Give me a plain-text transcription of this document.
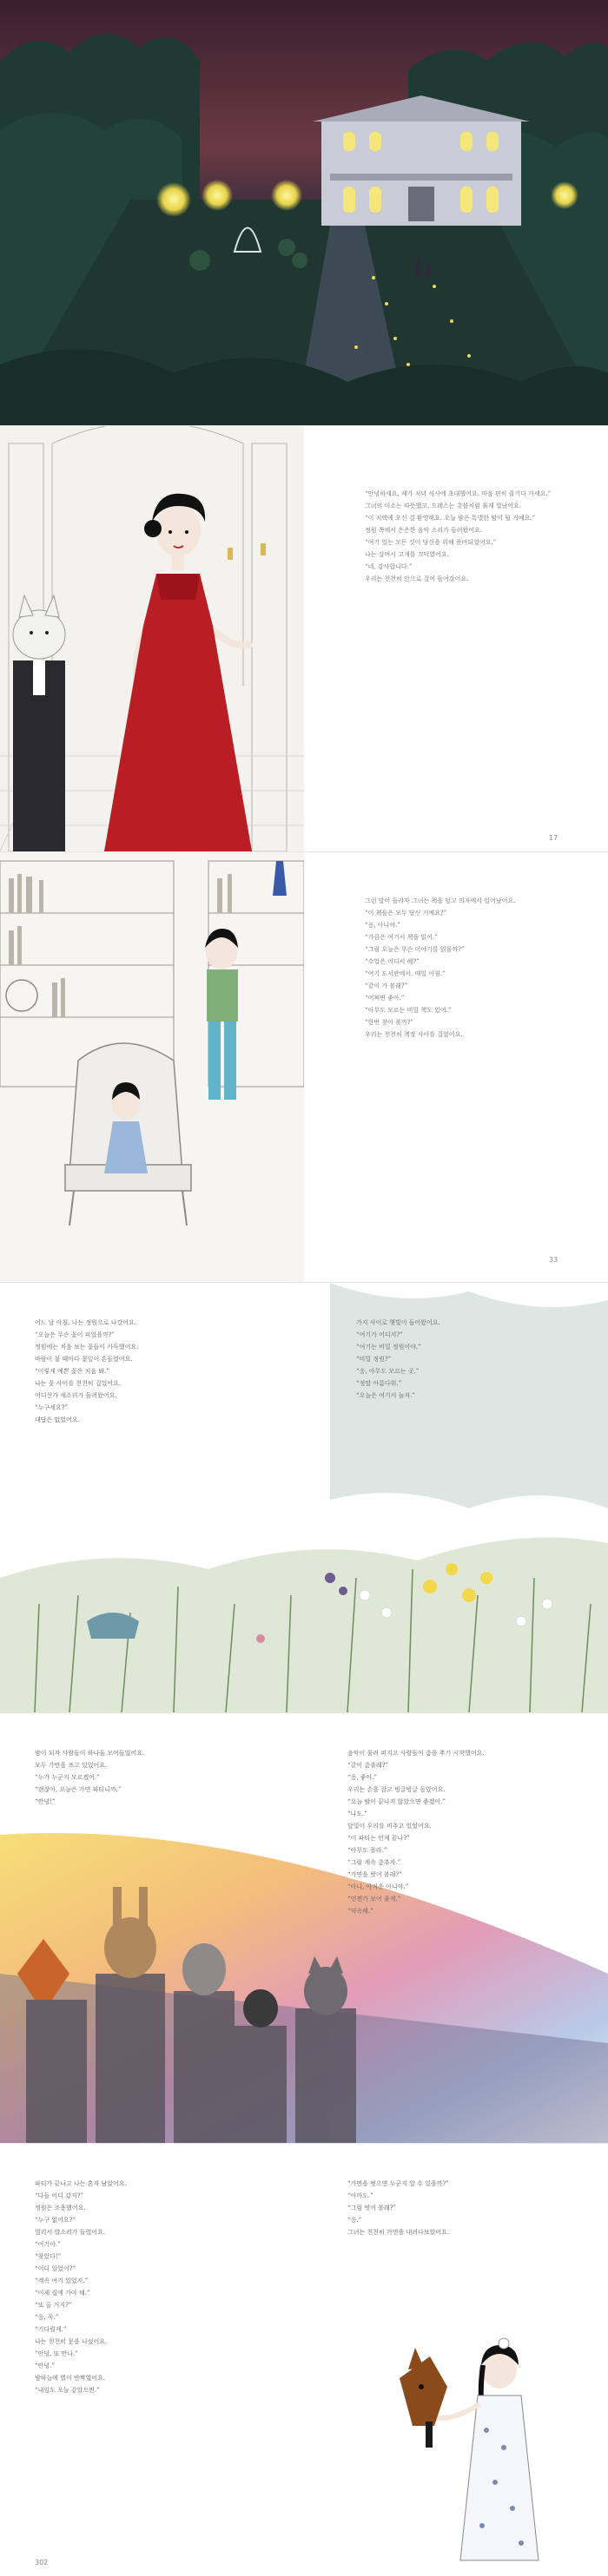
“안녕하세요, 제가 저녁 식사에 초대했어요. 마음 편히 즐기다 가세요.”

그녀의 미소는 따뜻했고, 드레스는 촛불처럼 붉게 빛났어요.

“이 저택에 오신 걸 환영해요. 오늘 밤은 특별한 밤이 될 거예요.”

정원 쪽에서 은은한 음악 소리가 들려왔어요.

“여기 있는 모든 것이 당신을 위해 준비되었어요.”

나는 살며시 고개를 끄덕였어요.

“네, 감사합니다.”

우리는 천천히 안으로 걸어 들어갔어요.

17

그런 말이 들리자 그녀는 책을 덮고 의자에서 일어났어요.

“이 책들은 모두 당신 거예요?”

“응, 아니야.”

“가끔은 여기서 책을 읽어.”

“그럼 오늘은 무슨 이야기를 읽을까?”

“수업은 어디서 해?”

“여기 도서관에서. 매일 아침.”

“같이 가 볼래?”

“어쩌면 좋아.”

“아무도 모르는 비밀 책도 있어.”

“한번 찾아 볼까?”

우리는 천천히 책장 사이를 걸었어요.

33

어느 날 아침, 나는 정원으로 나갔어요.

“오늘은 무슨 꽃이 피었을까?”

정원에는 처음 보는 꽃들이 가득했어요.

바람이 불 때마다 꽃잎이 흔들렸어요.

“이렇게 예쁜 꽃은 처음 봐.”

나는 꽃 사이를 천천히 걸었어요.

어디선가 새소리가 들려왔어요.

“누구세요?”

대답은 없었어요.

가지 사이로 햇빛이 들어왔어요.

“여기가 어디지?”

“여기는 비밀 정원이야.”

“비밀 정원?”

“응, 아무도 모르는 곳.”

“정말 아름다워.”

“오늘은 여기서 놀자.”

밤이 되자 사람들이 하나둘 모여들었어요.

모두 가면을 쓰고 있었어요.

“누가 누군지 모르겠어.”

“괜찮아, 오늘은 가면 파티니까.”

“안녕!”

음악이 울려 퍼지고 사람들이 춤을 추기 시작했어요.

“같이 춤출래?”

“응, 좋아.”

우리는 손을 잡고 빙글빙글 돌았어요.

“오늘 밤이 끝나지 않았으면 좋겠어.”

“나도.”

달빛이 우리를 비추고 있었어요.

“이 파티는 언제 끝나?”

“아무도 몰라.”

“그럼 계속 춤추자.”

“가면을 벗어 볼래?”

“아니, 아직은 아니야.”

“언젠가 보여 줄게.”

“약속해.”

파티가 끝나고 나는 혼자 남았어요.

“다들 어디 갔지?”

정원은 조용했어요.

“누구 없어요?”

멀리서 발소리가 들렸어요.

“여기야.”

“찾았다!”

“어디 있었어?”

“계속 여기 있었지.”

“이제 집에 가야 해.”

“또 올 거지?”

“응, 꼭.”

“기다릴게.”

나는 천천히 문을 나섰어요.

“안녕, 또 만나.”

“안녕.”

밤하늘에 별이 반짝였어요.

“내일도 오늘 같았으면.”

“가면을 벗으면 누군지 알 수 있을까?”

“아마도.”

“그럼 벗어 볼래?”

“응.”

그녀는 천천히 가면을 내려다보았어요.

302
